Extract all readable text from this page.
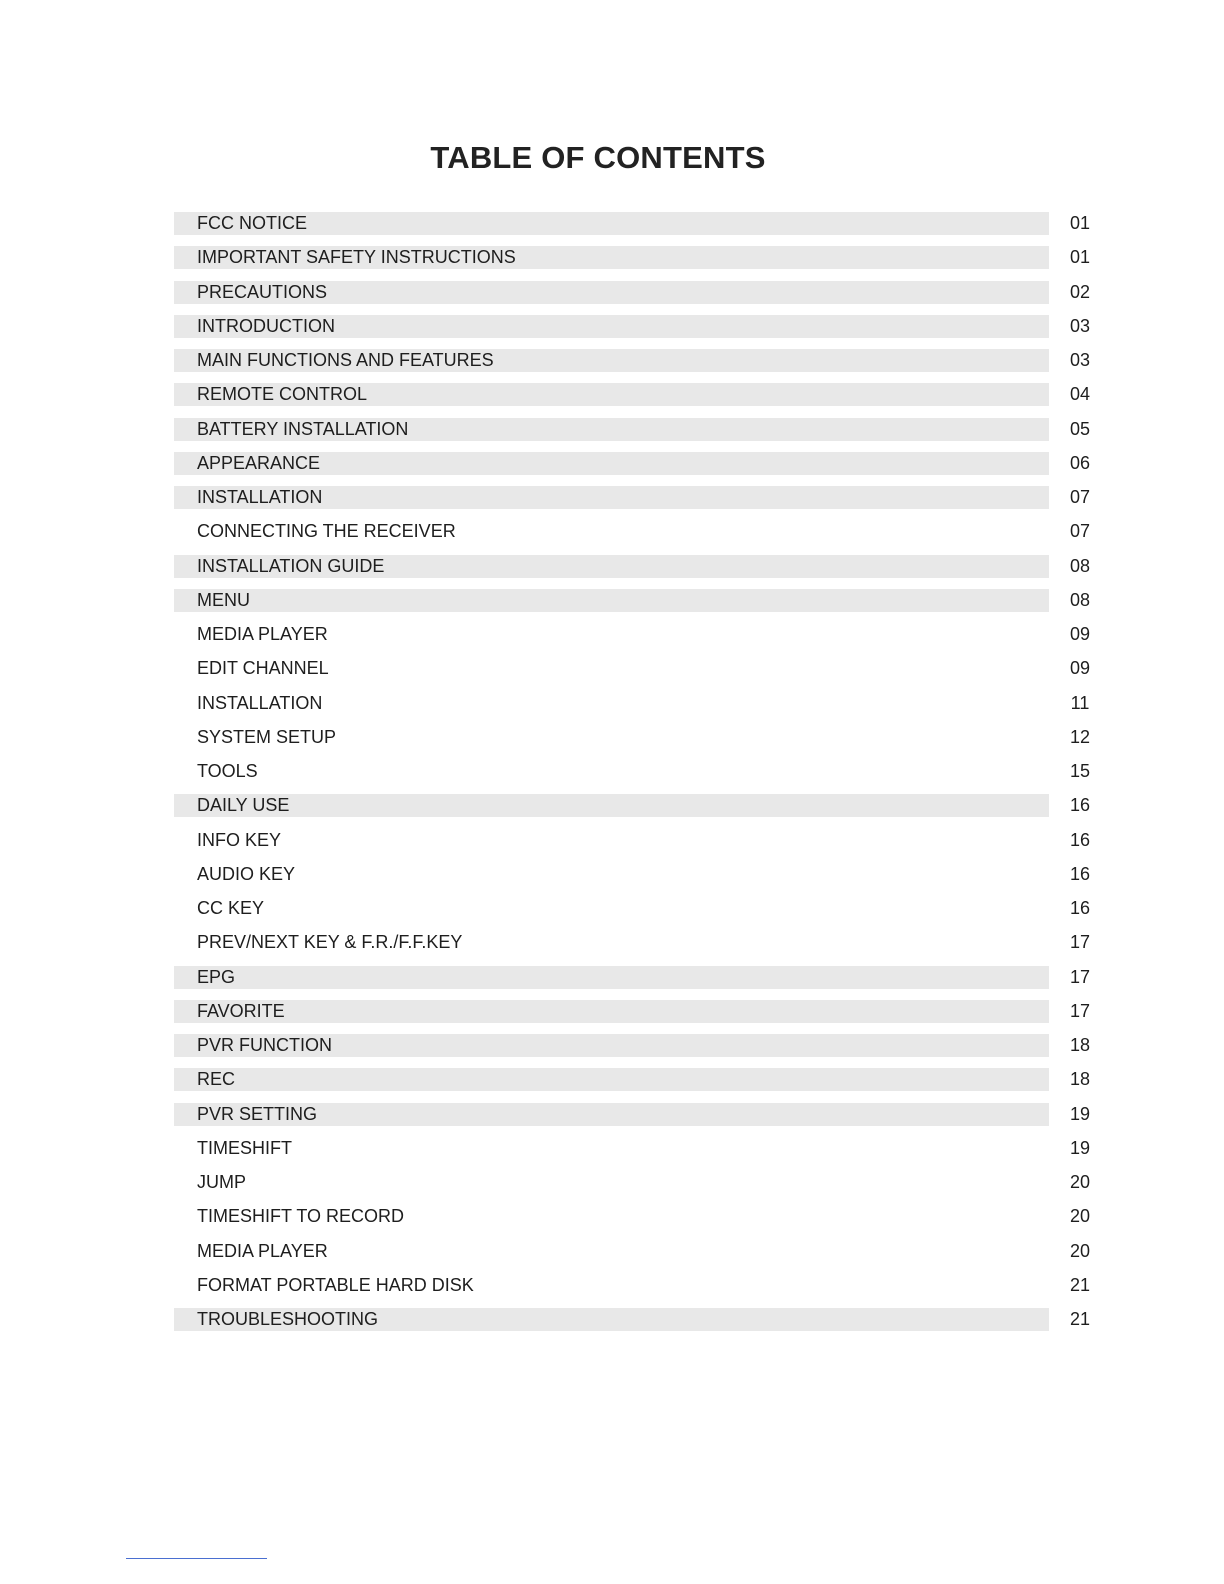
TABLE OF CONTENTS
FCC NOTICE	01
IMPORTANT SAFETY INSTRUCTIONS	01
PRECAUTIONS	02
INTRODUCTION	03
MAIN FUNCTIONS AND FEATURES	03
REMOTE CONTROL	04
BATTERY INSTALLATION	05
APPEARANCE	06
INSTALLATION	07
CONNECTING THE RECEIVER	07
INSTALLATION GUIDE	08
MENU	08
MEDIA PLAYER	09
EDIT CHANNEL	09
INSTALLATION	11
SYSTEM SETUP	12
TOOLS	15
DAILY USE	16
INFO KEY	16
AUDIO KEY	16
CC KEY	16
PREV/NEXT KEY & F.R./F.F.KEY	17
EPG	17
FAVORITE	17
PVR FUNCTION	18
REC	18
PVR SETTING	19
TIMESHIFT	19
JUMP	20
TIMESHIFT TO RECORD	20
MEDIA PLAYER	20
FORMAT PORTABLE HARD DISK	21
TROUBLESHOOTING	21
